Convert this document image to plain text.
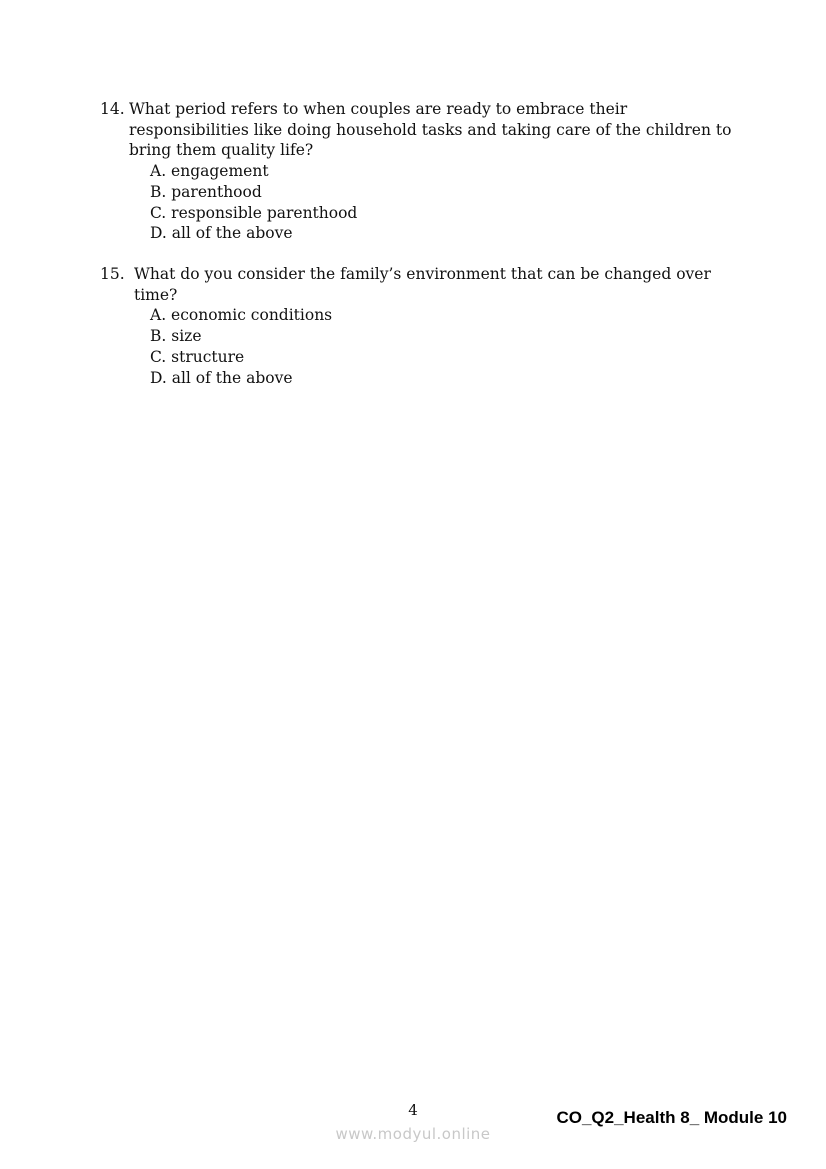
14. What period refers to when couples are ready to embrace their responsibilities like doing household tasks and taking care of the children to bring them quality life?
A. engagement
B. parenthood
C. responsible parenthood
D. all of the above
15. What do you consider the family’s environment that can be changed over time?
A. economic conditions
B. size
C. structure
D. all of the above
4	CO_Q2_Health 8_ Module 10
www.modyul.online
